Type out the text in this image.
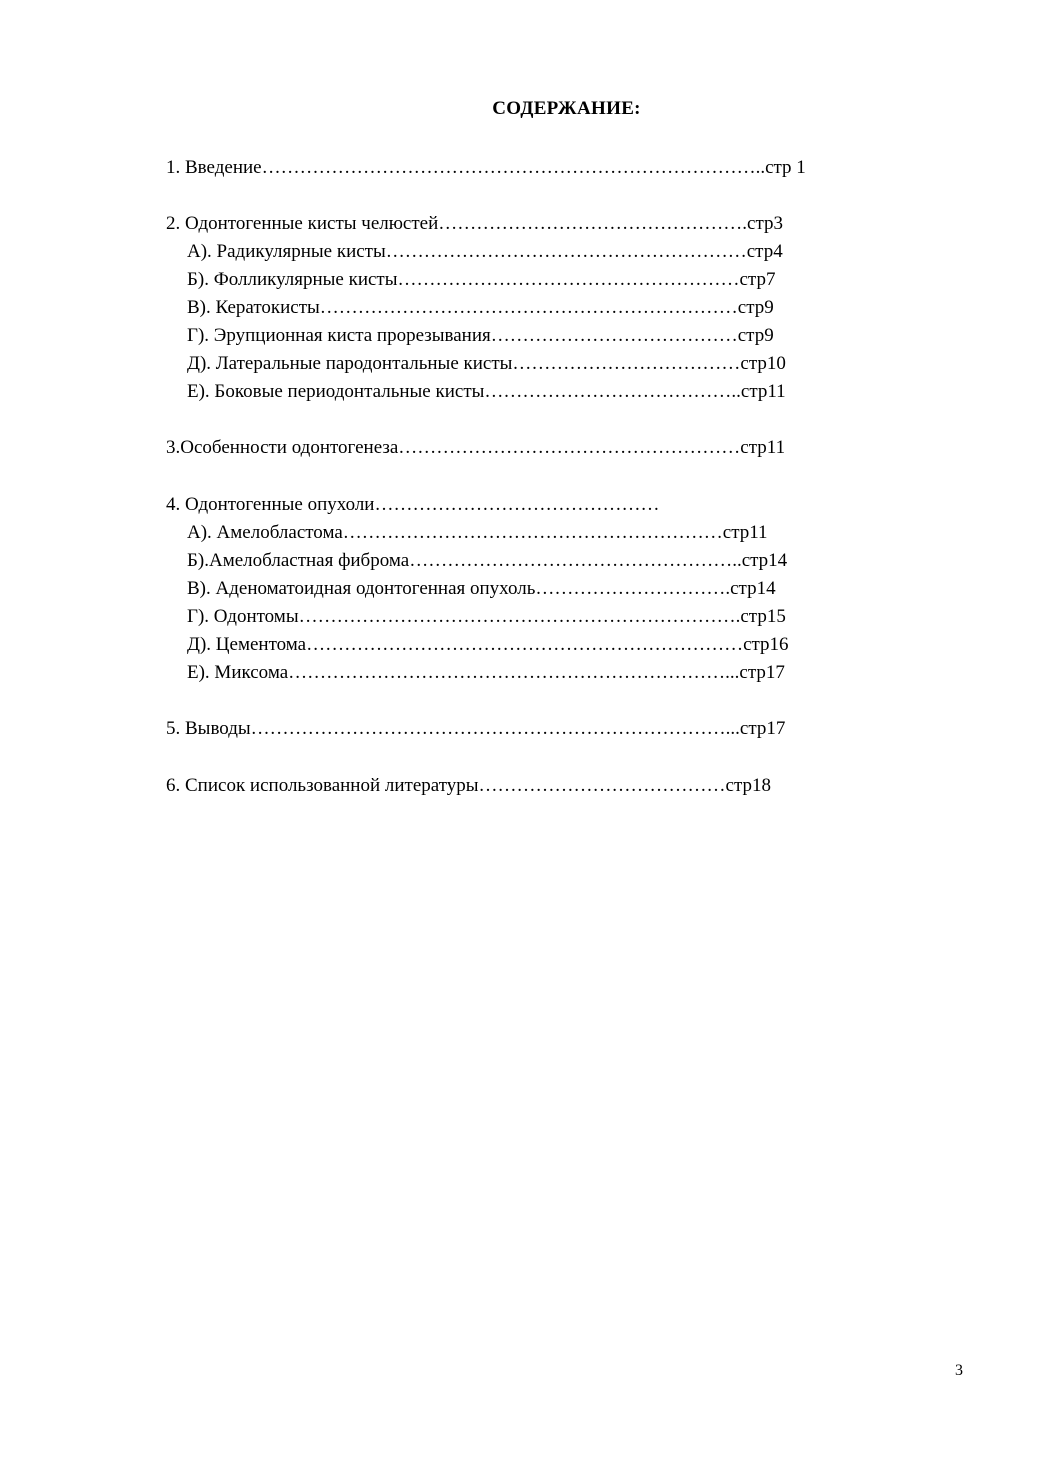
СОДЕРЖАНИЕ:
1. Введение……………………………………………………………………..стр 1
2. Одонтогенные кисты челюстей………………………………………….стр3
А). Радикулярные кисты…………………………………………………стр4
Б). Фолликулярные кисты………………………………………………стр7
В). Кератокисты…………………………………………………………стр9
Г). Эрупционная киста прорезывания…………………………………стр9
Д). Латеральные пародонтальные кисты………………………………стр10
Е). Боковые периодонтальные кисты…………………………………..стр11
3.Особенности одонтогенеза………………………………………………стр11
4. Одонтогенные опухоли………………………………………
А). Амелобластома……………………………………………………стр11
Б).Амелобластная фиброма……………………………………………..стр14
В). Аденоматоидная одонтогенная опухоль………………………….стр14
Г). Одонтомы…………………………………………………………….стр15
Д). Цементома……………………………………………………………стр16
Е). Миксома……………………………………………………………...стр17
5. Выводы…………………………………………………………………...стр17
6. Список использованной литературы…………………………………стр18
3
